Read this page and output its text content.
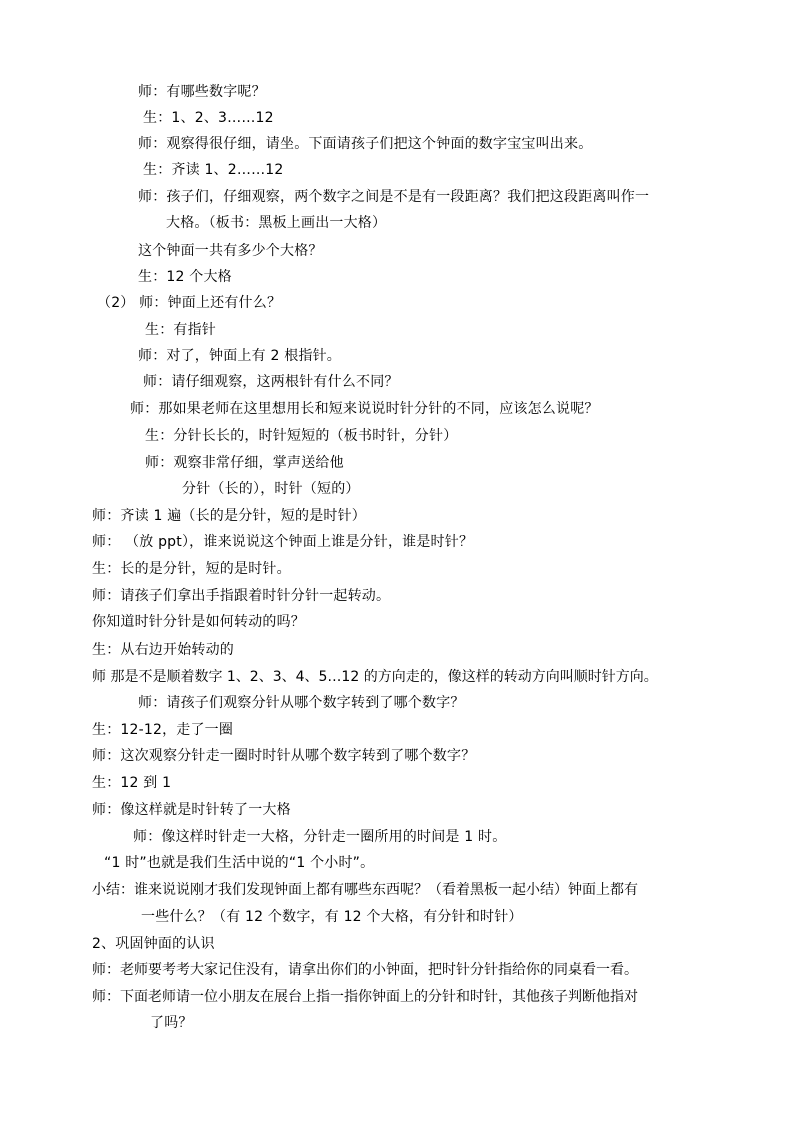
师：有哪些数字呢？
生：1、2、3……12
师：观察得很仔细，请坐。下面请孩子们把这个钟面的数字宝宝叫出来。
生：齐读 1、2……12
师：孩子们，仔细观察，两个数字之间是不是有一段距离？我们把这段距离叫作一
大格。（板书：黑板上画出一大格）
这个钟面一共有多少个大格？
生：12 个大格
（2） 师：钟面上还有什么？
生：有指针
师：对了，钟面上有 2 根指针。
师：请仔细观察，这两根针有什么不同？
师：那如果老师在这里想用长和短来说说时针分针的不同，应该怎么说呢？
生：分针长长的，时针短短的（板书时针，分针）
师：观察非常仔细，掌声送给他
分针（长的），时针（短的）
师：齐读 1 遍（长的是分针，短的是时针）
师： （放 ppt），谁来说说这个钟面上谁是分针，谁是时针？
生：长的是分针，短的是时针。
师：请孩子们拿出手指跟着时针分针一起转动。
你知道时针分针是如何转动的吗？
生：从右边开始转动的
师 那是不是顺着数字 1、2、3、4、5…12 的方向走的，像这样的转动方向叫顺时针方向。
师：请孩子们观察分针从哪个数字转到了哪个数字？
生：12-12，走了一圈
师：这次观察分针走一圈时时针从哪个数字转到了哪个数字？
生：12 到 1
师：像这样就是时针转了一大格
师：像这样时针走一大格，分针走一圈所用的时间是 1 时。
“1 时”也就是我们生活中说的“1 个小时”。
小结：谁来说说刚才我们发现钟面上都有哪些东西呢？（看着黑板一起小结）钟面上都有
一些什么？（有 12 个数字，有 12 个大格，有分针和时针）
2、巩固钟面的认识
师：老师要考考大家记住没有，请拿出你们的小钟面，把时针分针指给你的同桌看一看。
师：下面老师请一位小朋友在展台上指一指你钟面上的分针和时针，其他孩子判断他指对
了吗？
